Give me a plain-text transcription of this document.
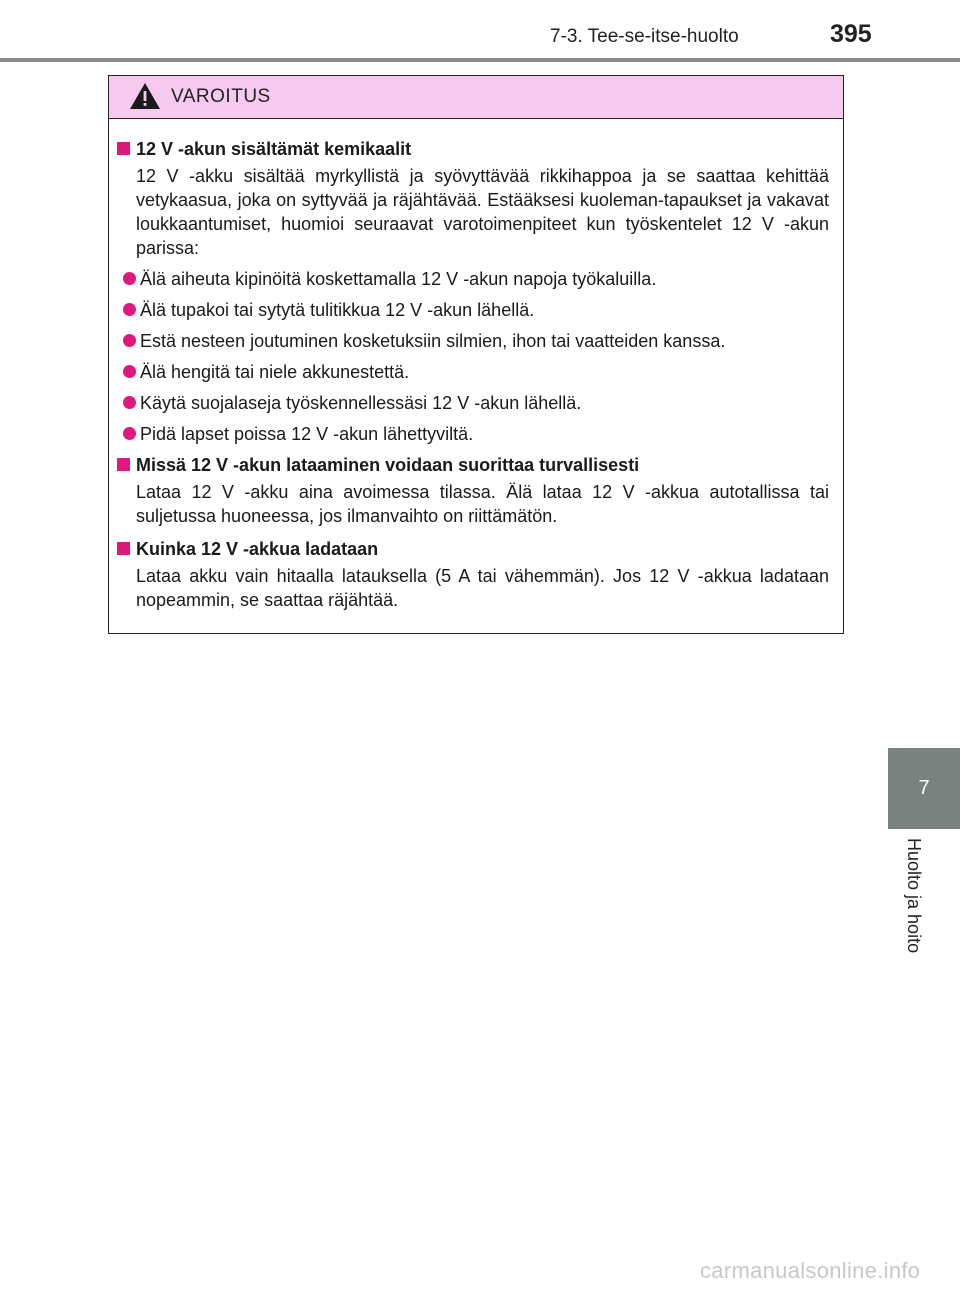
7-3. Tee-se-itse-huolto	395
VAROITUS
12 V -akun sisältämät kemikaalit

12 V -akku sisältää myrkyllistä ja syövyttävää rikkihappoa ja se saattaa kehittää vetykaasua, joka on syttyvää ja räjähtävää. Estääksesi kuoleman-tapaukset ja vakavat loukkaantumiset, huomioi seuraavat varotoimenpiteet kun työskentelet 12 V -akun parissa:

Älä aiheuta kipinöitä koskettamalla 12 V -akun napoja työkaluilla.
Älä tupakoi tai sytytä tulitikkua 12 V -akun lähellä.
Estä nesteen joutuminen kosketuksiin silmien, ihon tai vaatteiden kanssa.
Älä hengitä tai niele akkunestettä.
Käytä suojalaseja työskennellessäsi 12 V -akun lähellä.
Pidä lapset poissa 12 V -akun lähettyviltä.
Missä 12 V -akun lataaminen voidaan suorittaa turvallisesti

Lataa 12 V -akku aina avoimessa tilassa. Älä lataa 12 V -akkua autotallissa tai suljetussa huoneessa, jos ilmanvaihto on riittämätön.

Kuinka 12 V -akkua ladataan

Lataa akku vain hitaalla latauksella (5 A tai vähemmän). Jos 12 V -akkua ladataan nopeammin, se saattaa räjähtää.

7
Huolto ja hoito
carmanualsonline.info
